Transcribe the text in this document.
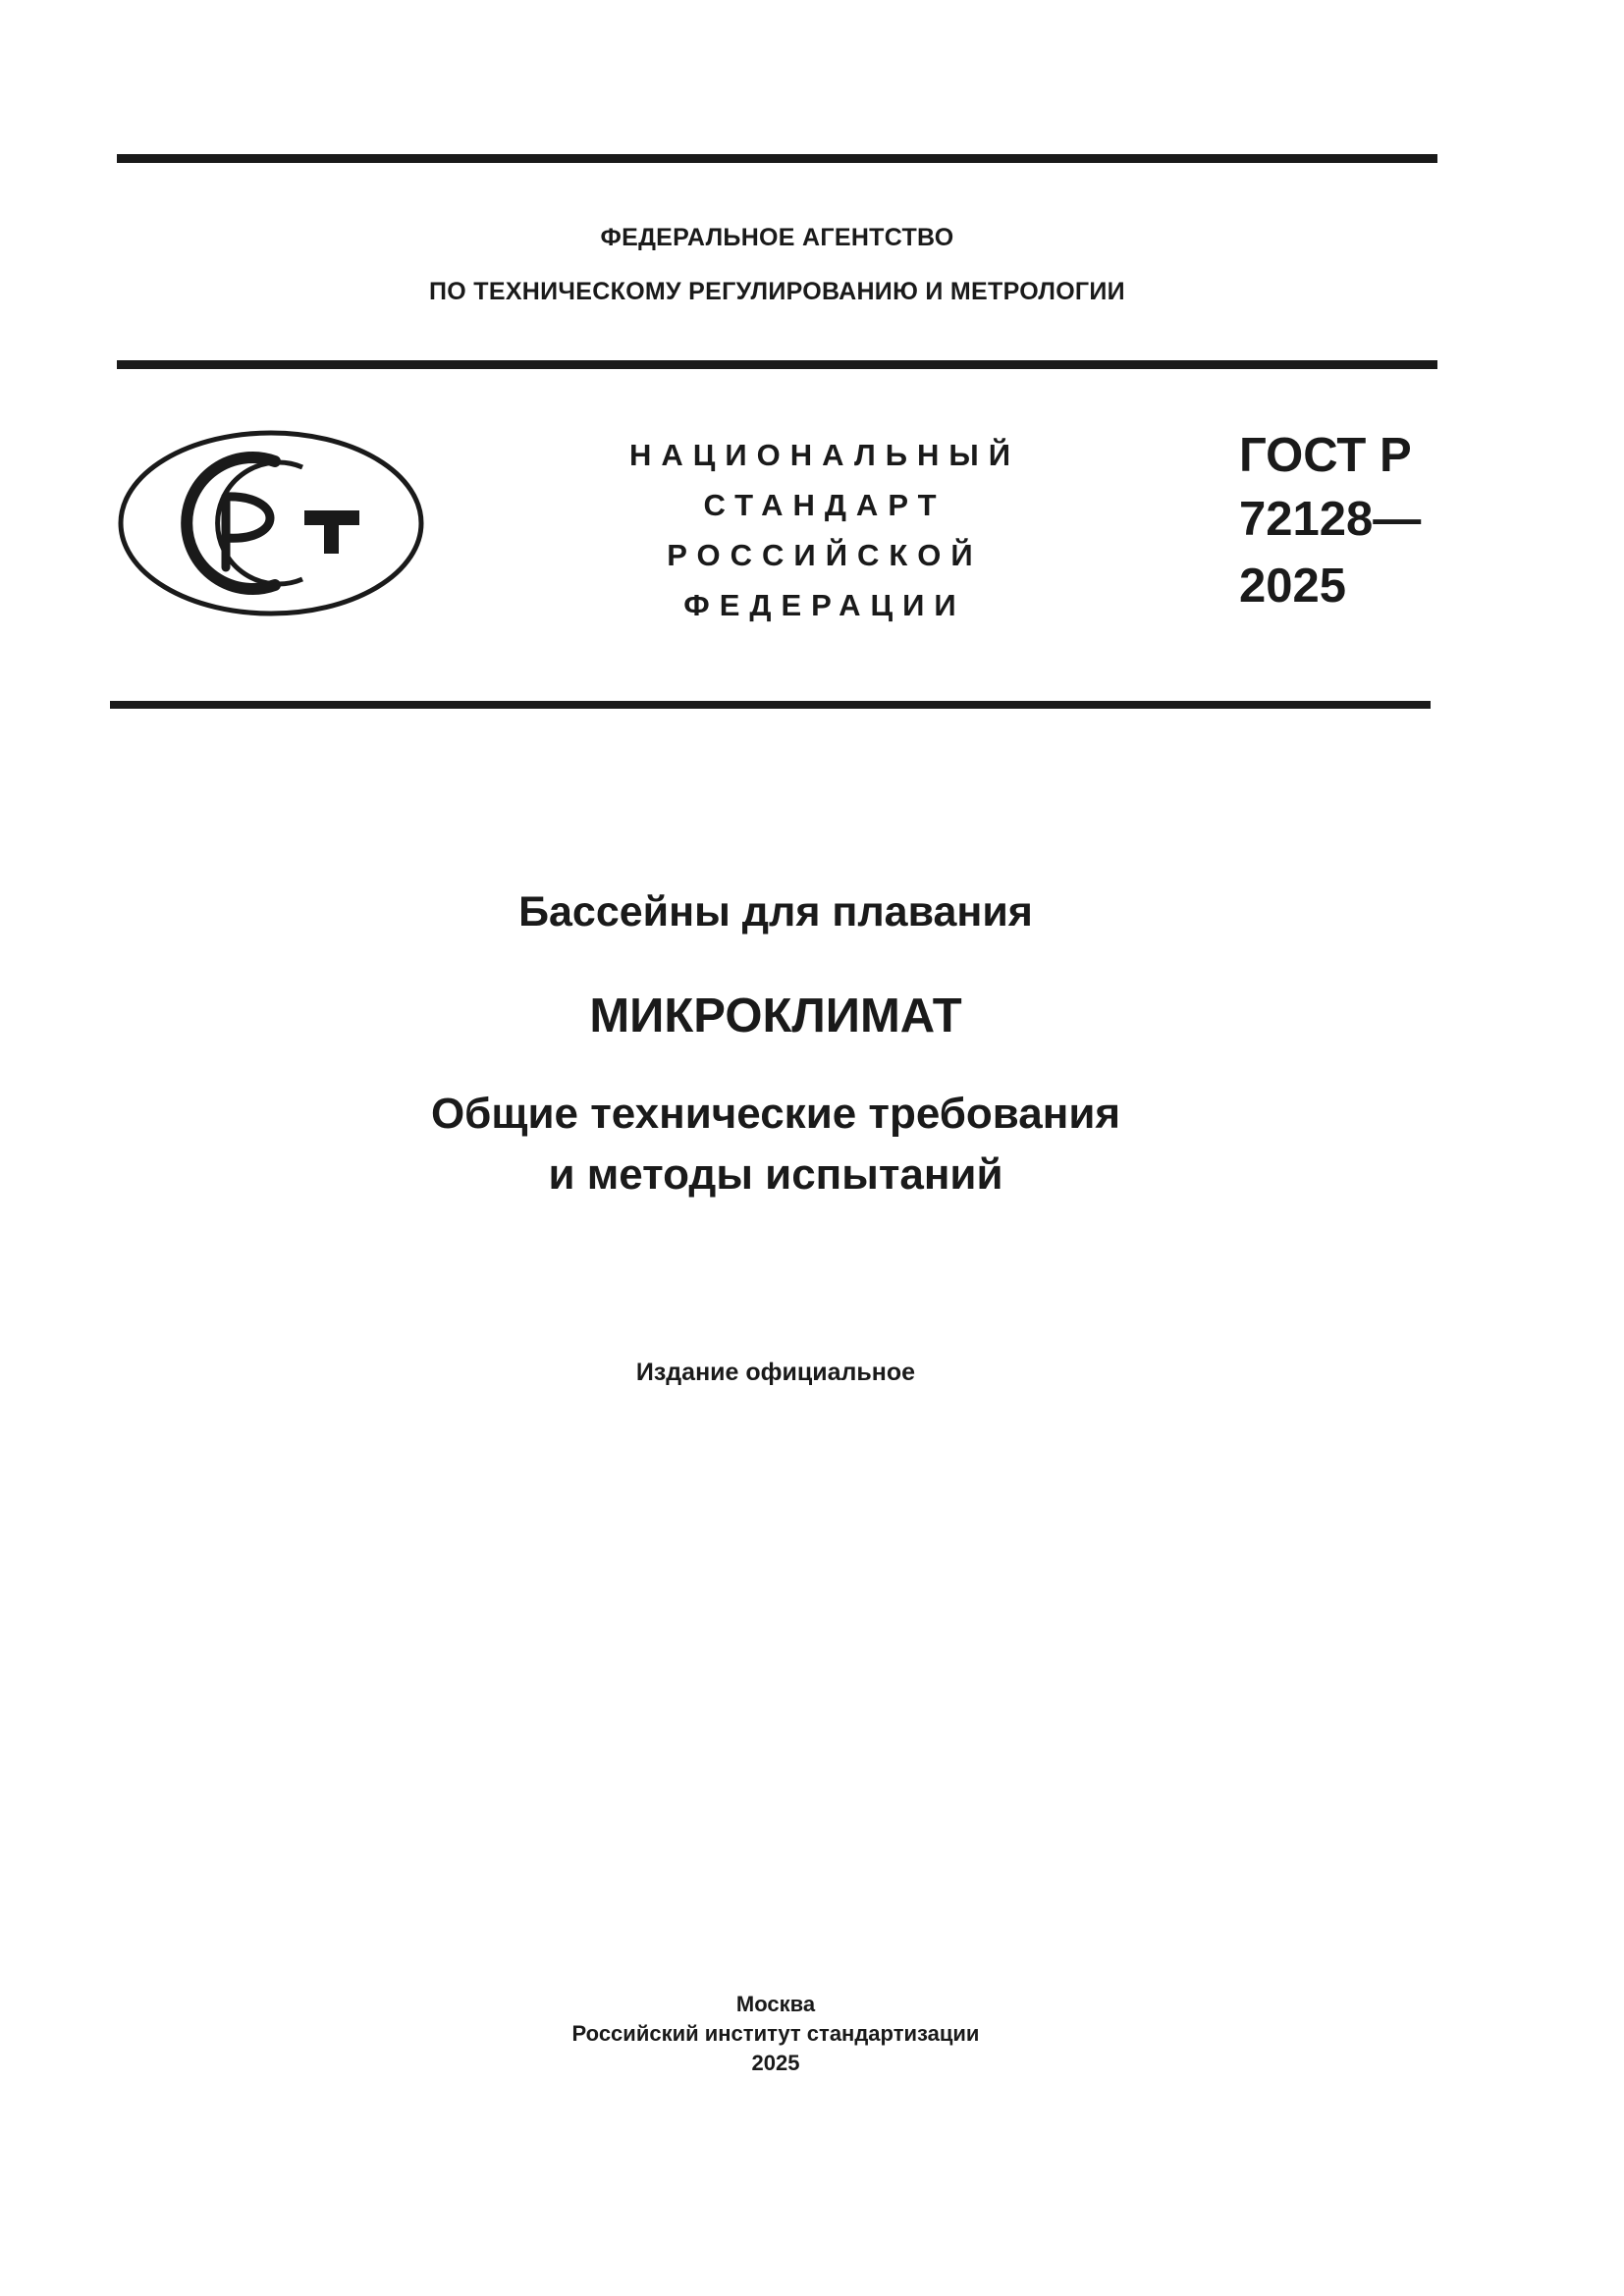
ФЕДЕРАЛЬНОЕ АГЕНТСТВО
ПО ТЕХНИЧЕСКОМУ РЕГУЛИРОВАНИЮ И МЕТРОЛОГИИ
НАЦИОНАЛЬНЫЙ
СТАНДАРТ
РОССИЙСКОЙ
ФЕДЕРАЦИИ
ГОСТ Р
72128—
2025
Бассейны для плавания
МИКРОКЛИМАТ
Общие технические требования
и методы испытаний
Издание официальное
Москва
Российский институт стандартизации
2025
